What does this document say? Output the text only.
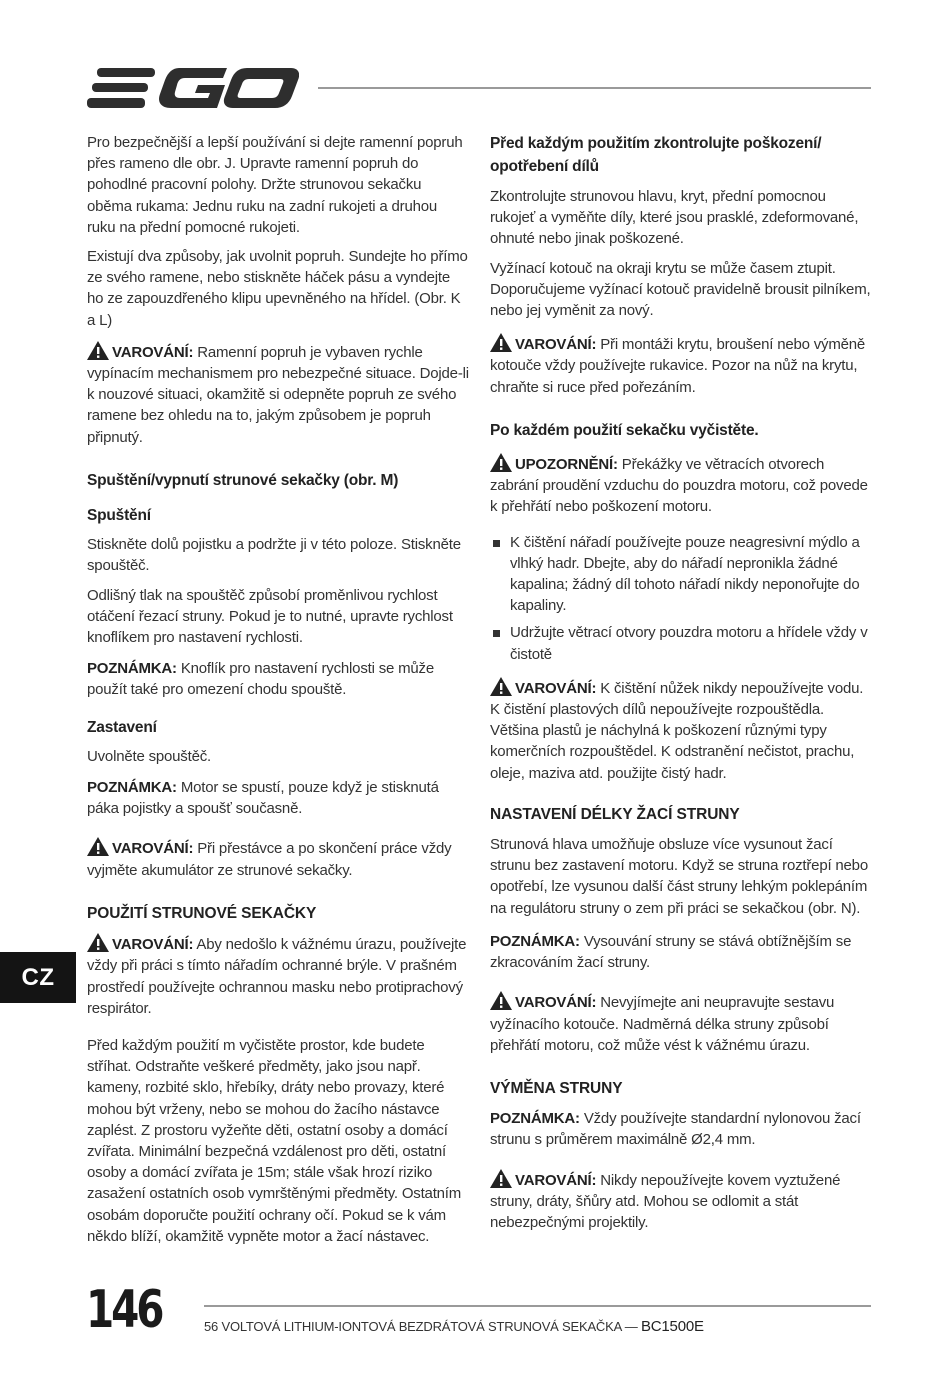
Pro bezpečnější a lepší používání si dejte ramenní popruh přes rameno dle obr. J. Upravte ramenní popruh do pohodlné pracovní polohy. Držte strunovou sekačku oběma rukama: Jednu ruku na zadní rukojeti a druhou ruku na přední pomocné rukojeti.

Existují dva způsoby, jak uvolnit popruh. Sundejte ho přímo ze svého ramene, nebo stiskněte háček pásu a vyndejte ho ze zapouzdřeného klipu upevněného na hřídel. (Obr. K a L)

VAROVÁNÍ: Ramenní popruh je vybaven rychle vypínacím mechanismem pro nebezpečné situace. Dojde-li k nouzové situaci, okamžitě si odepněte popruh ze svého ramene bez ohledu na to, jakým způsobem je popruh připnutý.

Spuštění/vypnutí strunové sekačky (obr. M)
Spuštění

Stiskněte dolů pojistku a podržte ji v této poloze. Stiskněte spouštěč.

Odlišný tlak na spouštěč způsobí proměnlivou rychlost otáčení řezací struny. Pokud je to nutné, upravte rychlost knoflíkem pro nastavení rychlosti.

POZNÁMKA: Knoflík pro nastavení rychlosti se může použít také pro omezení chodu spouště.

Zastavení

Uvolněte spouštěč.

POZNÁMKA: Motor se spustí, pouze když je stisknutá páka pojistky a spoušť současně.

VAROVÁNÍ: Při přestávce a po skončení práce vždy vyjměte akumulátor ze strunové sekačky.

POUŽITÍ STRUNOVÉ SEKAČKY

VAROVÁNÍ: Aby nedošlo k vážnému úrazu, používejte vždy při práci s tímto nářadím ochranné brýle. V prašném prostředí používejte ochrannou masku nebo protiprachový respirátor.

Před každým použití m vyčistěte prostor, kde budete stříhat. Odstraňte veškeré předměty, jako jsou např. kameny, rozbité sklo, hřebíky, dráty nebo provazy, které mohou být vrženy, nebo se mohou do žacího nástavce zaplést. Z prostoru vyžeňte děti, ostatní osoby a domácí zvířata. Minimální bezpečná vzdálenost pro děti, ostatní osoby a domácí zvířata je 15m; stále však hrozí riziko zasažení ostatních osob vymrštěnými předměty. Ostatním osobám doporučte použití ochrany očí. Pokud se k vám někdo blíží, okamžitě vypněte motor a žací nástavec.

Před každým použitím zkontrolujte poškození/ opotřebení dílů

Zkontrolujte strunovou hlavu, kryt, přední pomocnou rukojeť a vyměňte díly, které jsou prasklé, zdeformované, ohnuté nebo jinak poškozené.

Vyžínací kotouč na okraji krytu se může časem ztupit. Doporučujeme vyžínací kotouč pravidelně brousit pilníkem, nebo jej vyměnit za nový.

VAROVÁNÍ: Při montáži krytu, broušení nebo výměně kotouče vždy používejte rukavice. Pozor na nůž na krytu, chraňte si ruce před pořezáním.

Po každém použití sekačku vyčistěte.

UPOZORNĚNÍ: Překážky ve větracích otvorech zabrání proudění vzduchu do pouzdra motoru, což povede k přehřátí nebo poškození motoru.

K čištění nářadí používejte pouze neagresivní mýdlo a vlhký hadr. Dbejte, aby do nářadí nepronikla žádné kapalina; žádný díl tohoto nářadí nikdy neponořujte do kapaliny.
Udržujte větrací otvory pouzdra motoru a hřídele vždy v čistotě

VAROVÁNÍ: K čištění nůžek nikdy nepoužívejte vodu. K čistění plastových dílů nepoužívejte rozpouštědla. Většina plastů je náchylná k poškození různými typy komerčních rozpouštědel. K odstranění nečistot, prachu, oleje, maziva atd. použijte čistý hadr.

NASTAVENÍ DÉLKY ŽACÍ STRUNY

Strunová hlava umožňuje obsluze více vysunout žací strunu bez zastavení motoru. Když se struna roztřepí nebo opotřebí, lze vysunou další část struny lehkým poklepáním na regulátoru struny o zem při práci se sekačkou (obr. N).

POZNÁMKA: Vysouvání struny se stává obtížnějším se zkracováním žací struny.

VAROVÁNÍ: Nevyjímejte ani neupravujte sestavu vyžínacího kotouče. Nadměrná délka struny způsobí přehřátí motoru, což může vést k vážnému úrazu.

VÝMĚNA STRUNY

POZNÁMKA: Vždy používejte standardní nylonovou žací strunu s průměrem maximálně Ø2,4 mm.

VAROVÁNÍ: Nikdy nepoužívejte kovem vyztužené struny, dráty, šňůry atd. Mohou se odlomit a stát nebezpečnými projektily.

CZ
146	56 VOLTOVÁ LITHIUM-IONTOVÁ BEZDRÁTOVÁ STRUNOVÁ SEKAČKA — BC1500E
